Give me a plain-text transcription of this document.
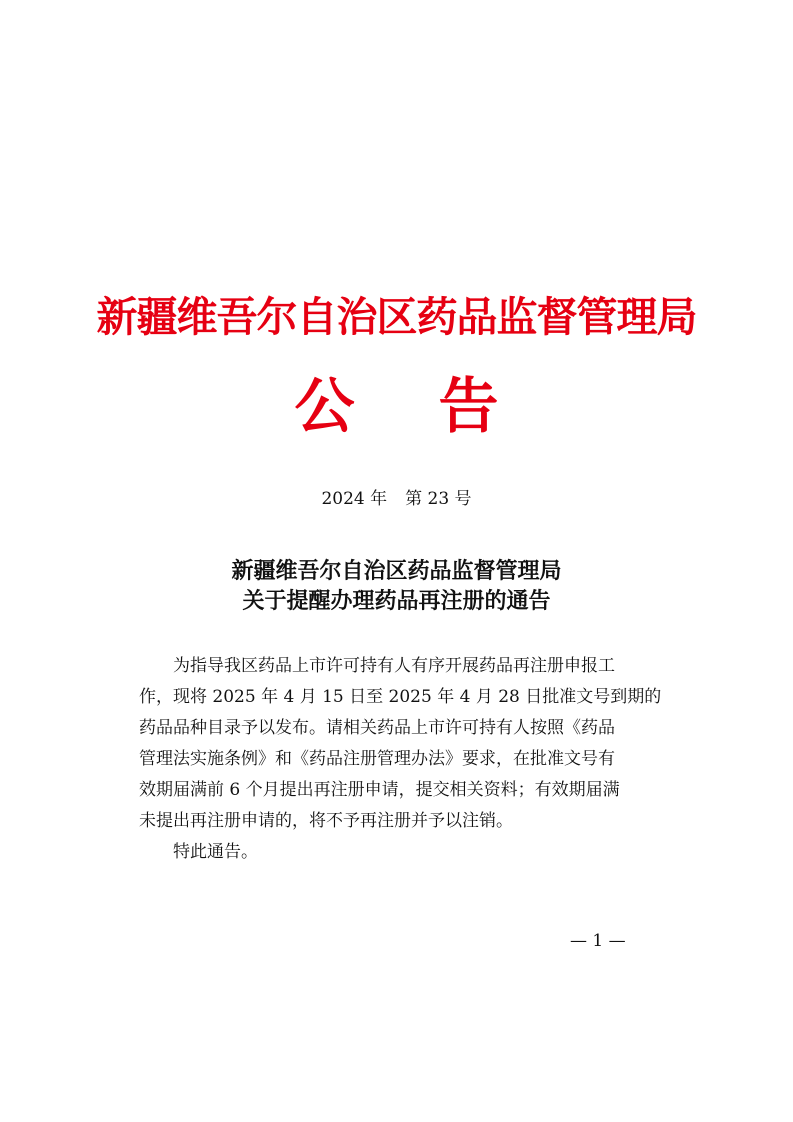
新疆维吾尔自治区药品监督管理局
公 告
2024 年 第 23 号
新疆维吾尔自治区药品监督管理局
关于提醒办理药品再注册的通告

为指导我区药品上市许可持有人有序开展药品再注册申报工
作，现将 2025 年 4 月 15 日至 2025 年 4 月 28 日批准文号到期的
药品品种目录予以发布。请相关药品上市许可持有人按照《药品
管理法实施条例》和《药品注册管理办法》要求，在批准文号有
效期届满前 6 个月提出再注册申请，提交相关资料；有效期届满
未提出再注册申请的，将不予再注册并予以注销。

特此通告。

— 1 —
